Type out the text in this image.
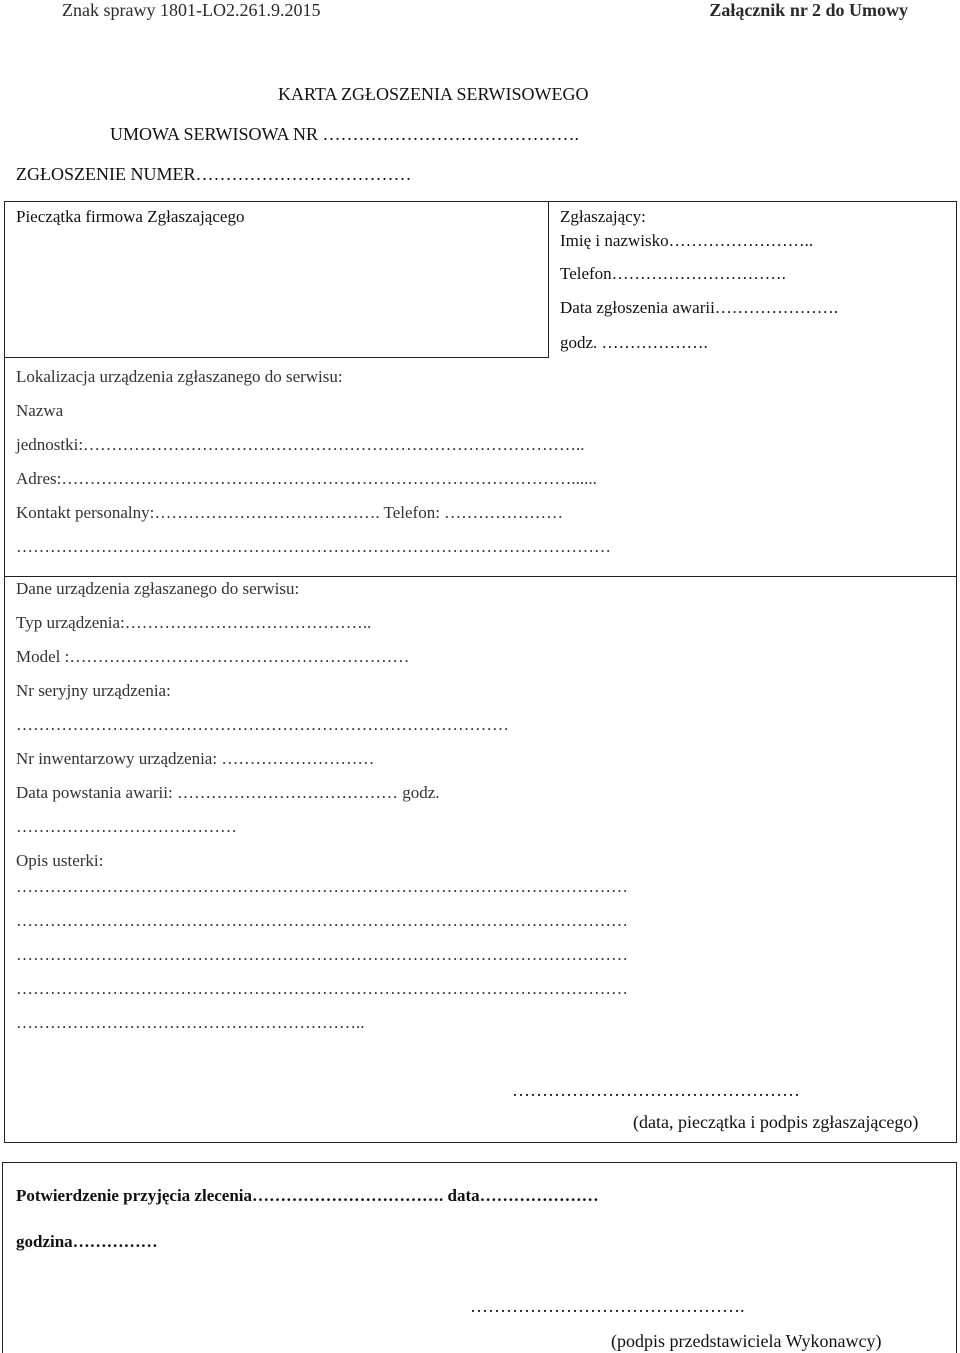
Znak sprawy 1801-LO2.261.9.2015	Załącznik nr 2 do Umowy
KARTA ZGŁOSZENIA SERWISOWEGO
UMOWA SERWISOWA NR …………………………………….
ZGŁOSZENIE NUMER………………………………
Pieczątka firmowa Zgłaszającego	Zgłaszający:
Imię i nazwisko……………………..
Telefon………………………….
Data zgłoszenia awarii………………….
godz. ……………….
Lokalizacja urządzenia zgłaszanego do serwisu:
Nazwa
jednostki:……………………………………………………………………………..
Adres:………………………………………………………………………………......
Kontakt personalny:…………………………………. Telefon: …………………
……………………………………………………………………………………………
Dane urządzenia zgłaszanego do serwisu:
Typ urządzenia:……………………………………..
Model :……………………………………………………
Nr seryjny urządzenia:
……………………………………………………………………………
Nr inwentarzowy urządzenia: ………………………
Data powstania awarii: ………………………………… godz.
…………………………………
Opis usterki:
………………………………………………………………………………………………
………………………………………………………………………………………………
………………………………………………………………………………………………
………………………………………………………………………………………………
……………………………………………………..
…………………………………………
(data, pieczątka i podpis zgłaszającego)
Potwierdzenie przyjęcia zlecenia……………………………. data…………………
godzina……………
……………………………………….
(podpis przedstawiciela Wykonawcy)
